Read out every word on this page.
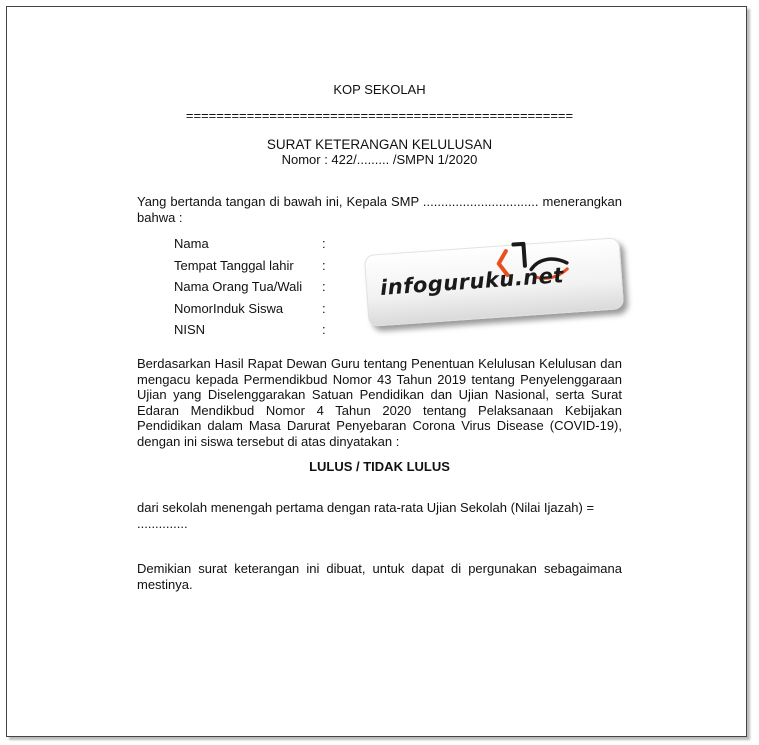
KOP SEKOLAH
===================================================
SURAT KETERANGAN KELULUSAN
Nomor : 422/......... /SMPN 1/2020
Yang bertanda tangan di bawah ini, Kepala SMP ................................ menerangkan bahwa :
Nama	:
Tempat Tanggal lahir :
Nama Orang Tua/Wali :
NomorInduk Siswa	:
NISN	:
infoguruku.net
Berdasarkan Hasil Rapat Dewan Guru tentang Penentuan Kelulusan Kelulusan dan mengacu kepada Permendikbud Nomor 43 Tahun 2019 tentang Penyelenggaraan Ujian yang Diselenggarakan Satuan Pendidikan dan Ujian Nasional, serta Surat Edaran Mendikbud Nomor 4 Tahun 2020 tentang Pelaksanaan Kebijakan Pendidikan dalam Masa Darurat Penyebaran Corona Virus Disease (COVID-19), dengan ini siswa tersebut di atas dinyatakan :
LULUS / TIDAK LULUS
dari sekolah menengah pertama dengan rata-rata Ujian Sekolah (Nilai Ijazah) = ..............
Demikian surat keterangan ini dibuat, untuk dapat di pergunakan sebagaimana mestinya.
